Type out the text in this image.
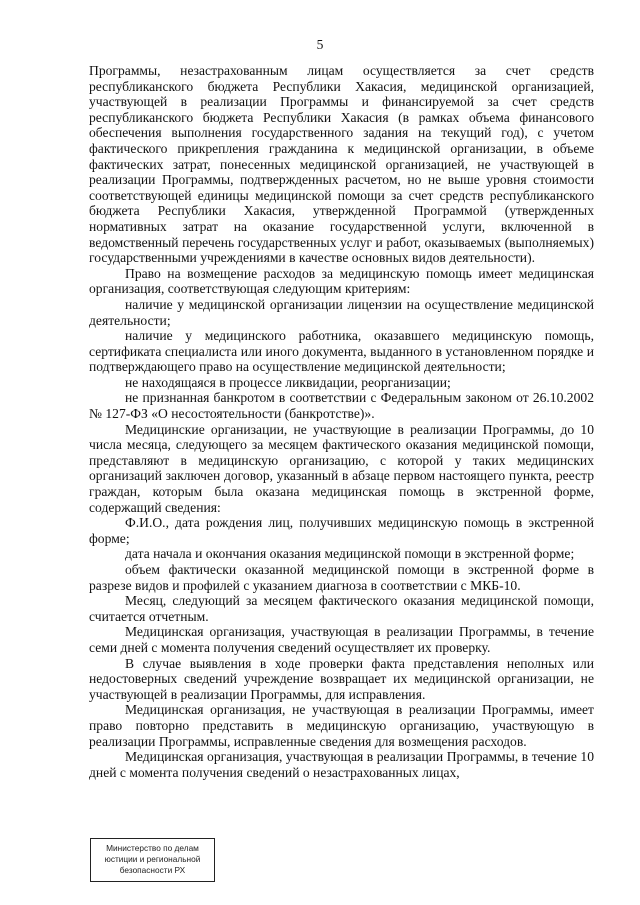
5

Программы, незастрахованным лицам осуществляется за счет средств республиканского бюджета Республики Хакасия, медицинской организацией, участвующей в реализации Программы и финансируемой за счет средств республиканского бюджета Республики Хакасия (в рамках объема финансового обеспечения выполнения государственного задания на текущий год), с учетом фактического прикрепления гражданина к медицинской организации, в объеме фактических затрат, понесенных медицинской организацией, не участвующей в реализации Программы, подтвержденных расчетом, но не выше уровня стоимости соответствующей единицы медицинской помощи за счет средств республиканского бюджета Республики Хакасия, утвержденной Программой (утвержденных нормативных затрат на оказание государственной услуги, включенной в ведомственный перечень государственных услуг и работ, оказываемых (выполняемых) государственными учреждениями в качестве основных видов деятельности).

Право на возмещение расходов за медицинскую помощь имеет медицинская организация, соответствующая следующим критериям:

наличие у медицинской организации лицензии на осуществление медицинской деятельности;

наличие у медицинского работника, оказавшего медицинскую помощь, сертификата специалиста или иного документа, выданного в установленном порядке и подтверждающего право на осуществление медицинской деятельности;

не находящаяся в процессе ликвидации, реорганизации;

не признанная банкротом в соответствии с Федеральным законом от 26.10.2002 № 127-ФЗ «О несостоятельности (банкротстве)».

Медицинские организации, не участвующие в реализации Программы, до 10 числа месяца, следующего за месяцем фактического оказания медицинской помощи, представляют в медицинскую организацию, с которой у таких медицинских организаций заключен договор, указанный в абзаце первом настоящего пункта, реестр граждан, которым была оказана медицинская помощь в экстренной форме, содержащий сведения:

Ф.И.О., дата рождения лиц, получивших медицинскую помощь в экстренной форме;

дата начала и окончания оказания медицинской помощи в экстренной форме;

объем фактически оказанной медицинской помощи в экстренной форме в разрезе видов и профилей с указанием диагноза в соответствии с МКБ-10.

Месяц, следующий за месяцем фактического оказания медицинской помощи, считается отчетным.

Медицинская организация, участвующая в реализации Программы, в течение семи дней с момента получения сведений осуществляет их проверку.

В случае выявления в ходе проверки факта представления неполных или недостоверных сведений учреждение возвращает их медицинской организации, не участвующей в реализации Программы, для исправления.

Медицинская организация, не участвующая в реализации Программы, имеет право повторно представить в медицинскую организацию, участвующую в реализации Программы, исправленные сведения для возмещения расходов.

Медицинская организация, участвующая в реализации Программы, в течение 10 дней с момента получения сведений о незастрахованных лицах,

Министерство по делам
юстиции и региональной
безопасности РХ
